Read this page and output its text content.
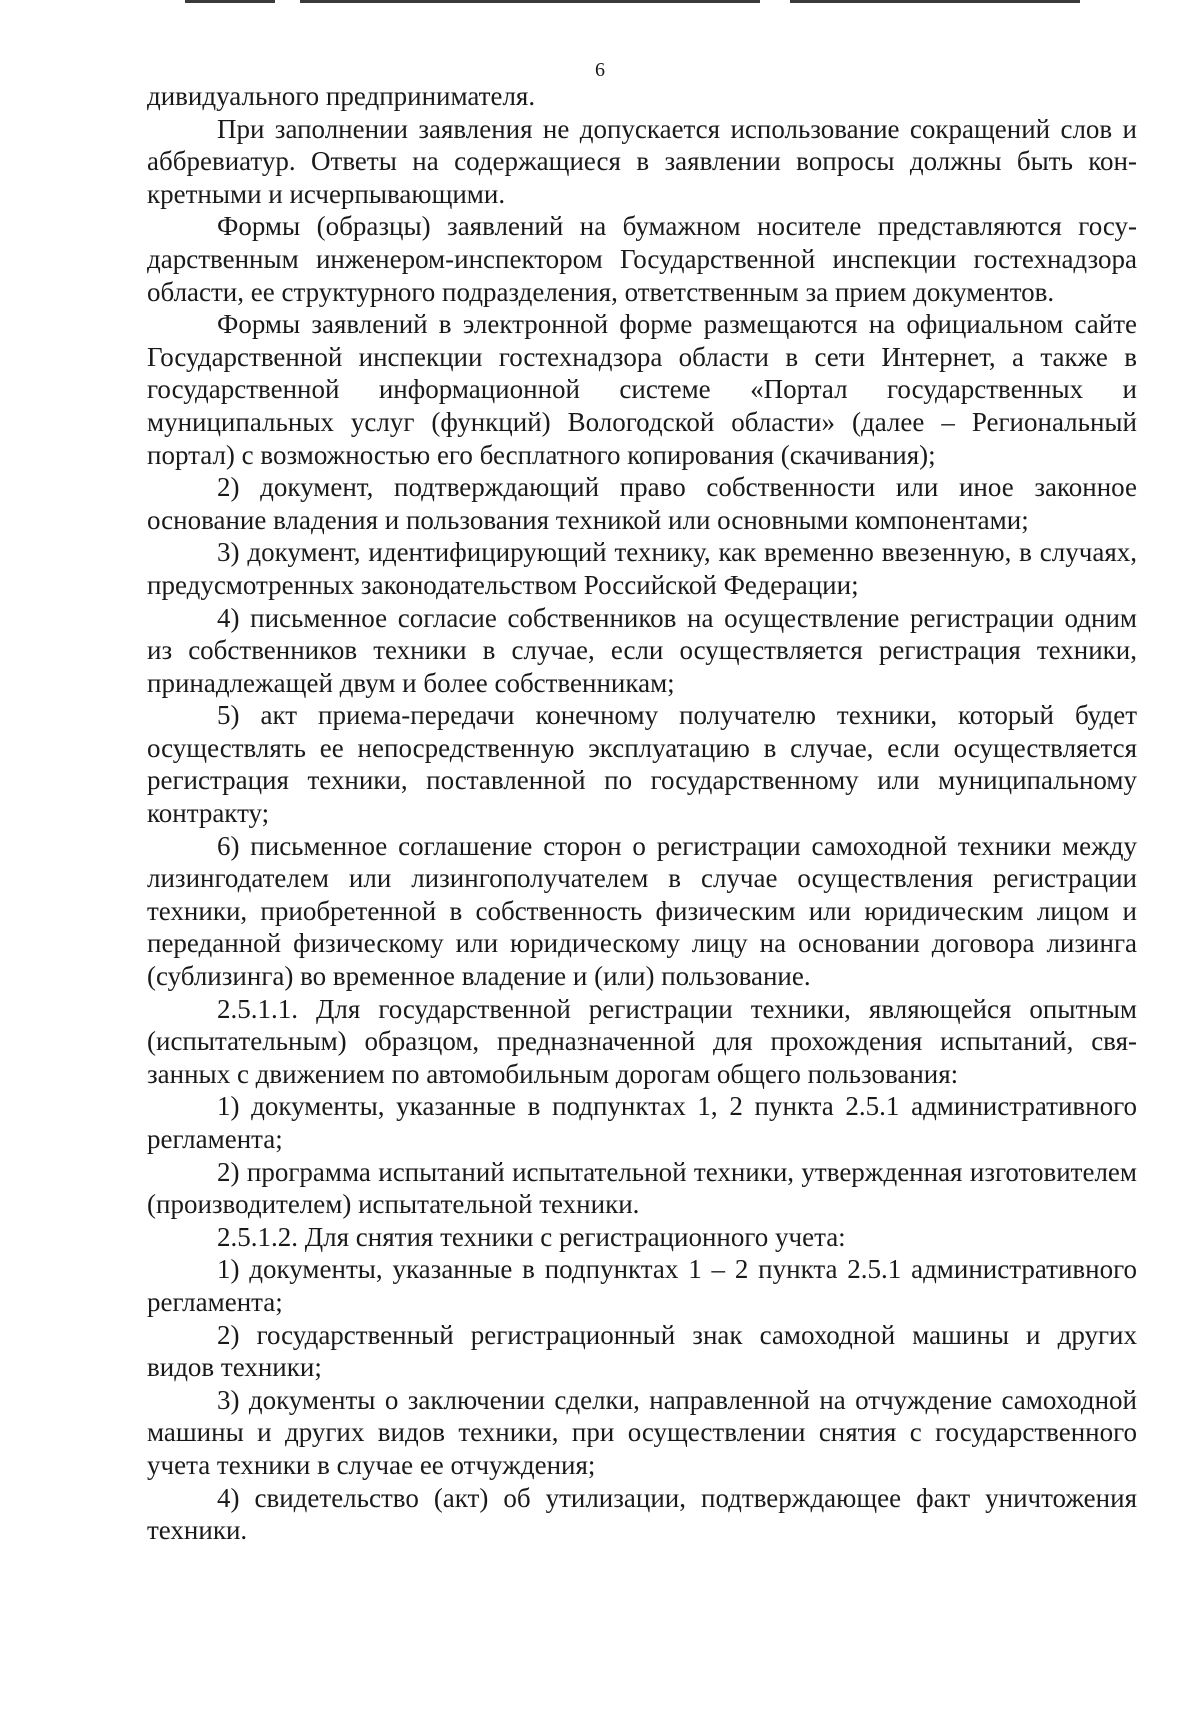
6

дивидуального предпринимателя.

При заполнении заявления не допускается использование сокращений слов и аббревиатур. Ответы на содержащиеся в заявлении вопросы должны быть конкретными и исчерпывающими.

Формы (образцы) заявлений на бумажном носителе представляются государственным инженером-инспектором Государственной инспекции гостехнадзора области, ее структурного подразделения, ответственным за прием документов.

Формы заявлений в электронной форме размещаются на официальном сайте Государственной инспекции гостехнадзора области в сети Интернет, а также в государственной информационной системе «Портал государственных и муниципальных услуг (функций) Вологодской области» (далее – Региональный портал) с возможностью его бесплатного копирования (скачивания);

2) документ, подтверждающий право собственности или иное законное основание владения и пользования техникой или основными компонентами;

3) документ, идентифицирующий технику, как временно ввезенную, в случаях, предусмотренных законодательством Российской Федерации;

4) письменное согласие собственников на осуществление регистрации одним из собственников техники в случае, если осуществляется регистрация техники, принадлежащей двум и более собственникам;

5) акт приема-передачи конечному получателю техники, который будет осуществлять ее непосредственную эксплуатацию в случае, если осуществляется регистрация техники, поставленной по государственному или муниципальному контракту;

6) письменное соглашение сторон о регистрации самоходной техники между лизингодателем или лизингополучателем в случае осуществления регистрации техники, приобретенной в собственность физическим или юридическим лицом и переданной физическому или юридическому лицу на основании договора лизинга (сублизинга) во временное владение и (или) пользование.

2.5.1.1. Для государственной регистрации техники, являющейся опытным (испытательным) образцом, предназначенной для прохождения испытаний, связанных с движением по автомобильным дорогам общего пользования:

1) документы, указанные в подпунктах 1, 2 пункта 2.5.1 административного регламента;

2) программа испытаний испытательной техники, утвержденная изготовителем (производителем) испытательной техники.

2.5.1.2. Для снятия техники с регистрационного учета:

1) документы, указанные в подпунктах 1 – 2 пункта 2.5.1 административного регламента;

2) государственный регистрационный знак самоходной машины и других видов техники;

3) документы о заключении сделки, направленной на отчуждение самоходной машины и других видов техники, при осуществлении снятия с государственного учета техники в случае ее отчуждения;

4) свидетельство (акт) об утилизации, подтверждающее факт уничтожения техники.
